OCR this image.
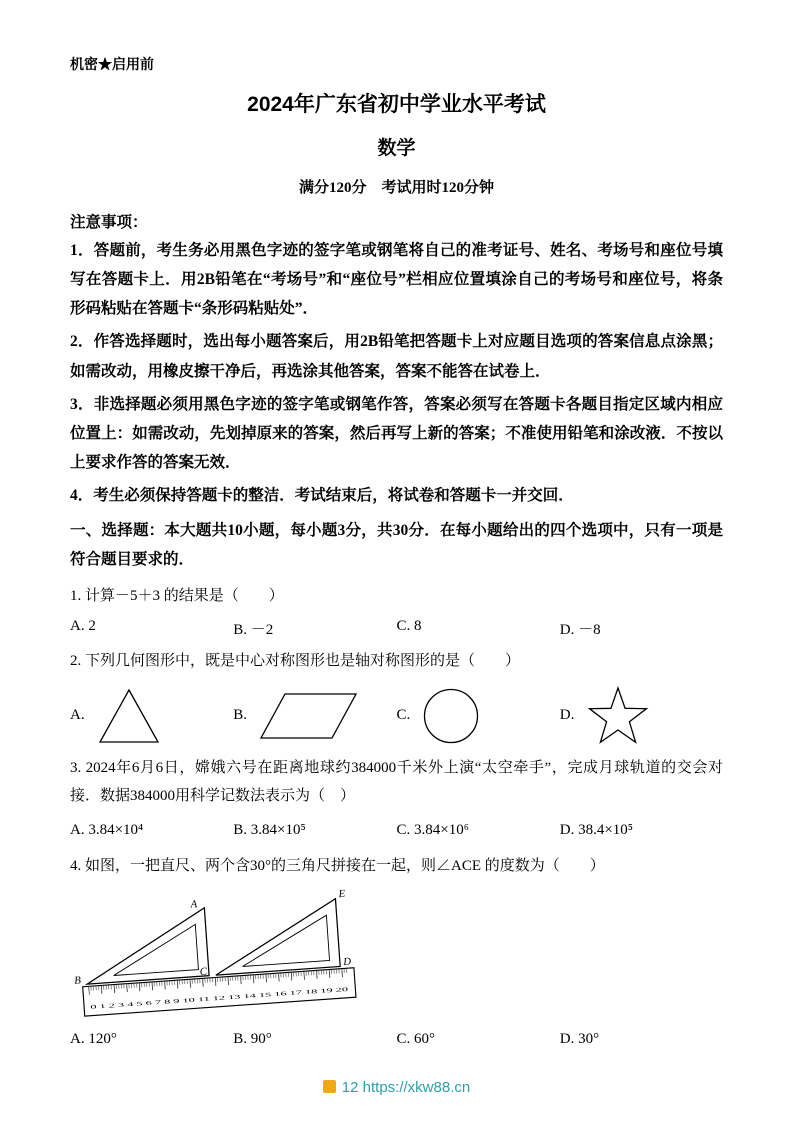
机密★启用前
2024年广东省初中学业水平考试
数学
满分120分　考试用时120分钟
注意事项：

1．答题前，考生务必用黑色字迹的签字笔或钢笔将自己的准考证号、姓名、考场号和座位号填写在答题卡上．用2B铅笔在“考场号”和“座位号”栏相应位置填涂自己的考场号和座位号，将条形码粘贴在答题卡“条形码粘贴处”．

2．作答选择题时，选出每小题答案后，用2B铅笔把答题卡上对应题目选项的答案信息点涂黑；如需改动，用橡皮擦干净后，再选涂其他答案，答案不能答在试卷上．

3．非选择题必须用黑色字迹的签字笔或钢笔作答，答案必须写在答题卡各题目指定区域内相应位置上：如需改动，先划掉原来的答案，然后再写上新的答案；不准使用铅笔和涂改液．不按以上要求作答的答案无效．

4．考生必须保持答题卡的整洁．考试结束后，将试卷和答题卡一并交回．

一、选择题：本大题共10小题，每小题3分，共30分．在每小题给出的四个选项中，只有一项是符合题目要求的．

1. 计算－5＋3 的结果是（　　）

A. 2	B. －2	C. 8	D. －8

2. 下列几何图形中，既是中心对称图形也是轴对称图形的是（　　）

A.	B.	C.	D.

3. 2024年6月6日，嫦娥六号在距离地球约384000千米外上演“太空牵手”，完成月球轨道的交会对接．数据384000用科学记数法表示为（　）

A. 3.84×10⁴	B. 3.84×10⁵	C. 3.84×10⁶	D. 38.4×10⁵

4. 如图，一把直尺、两个含30°的三角尺拼接在一起，则∠ACE 的度数为（　　）

0 1 2 3 4 5 6 7 8 9 10 11 12 13 14 15 16 17 18 19 20
A
B
C
D
E
A. 120°	B. 90°	C. 60°	D. 30°
12 https://xkw88.cn
